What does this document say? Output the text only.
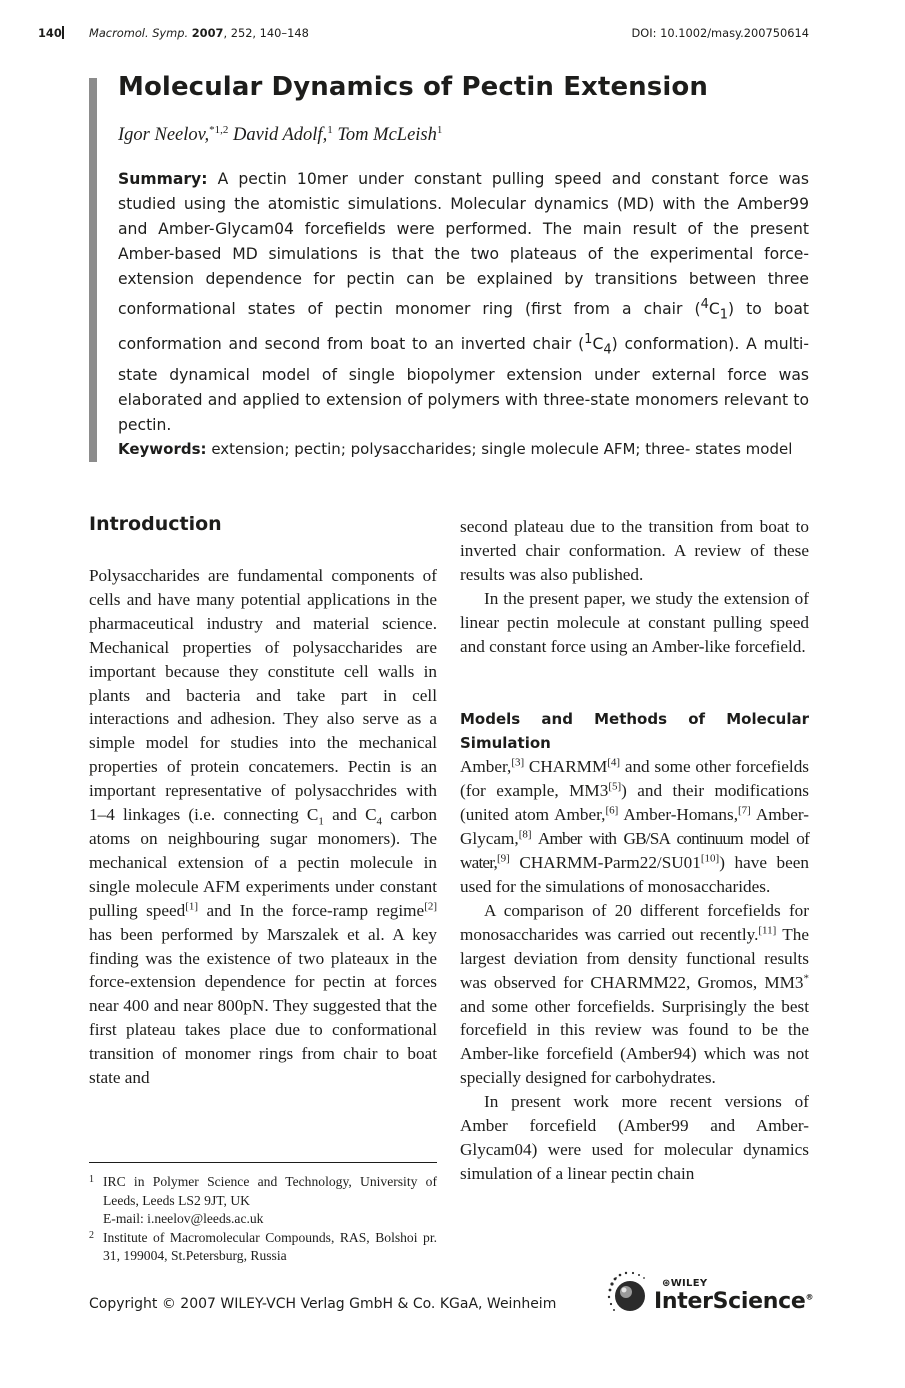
140 Macromol. Symp. 2007, 252, 140–148	DOI: 10.1002/masy.200750614
Molecular Dynamics of Pectin Extension
Igor Neelov,$^{*1,2}$ David Adolf,$^1$ Tom McLeish$^1$

Summary: A pectin 10mer under constant pulling speed and constant force was studied using the atomistic simulations. Molecular dynamics (MD) with the Amber99 and Amber-Glycam04 forcefields were performed. The main result of the present Amber-based MD simulations is that the two plateaus of the experimental force-extension dependence for pectin can be explained by transitions between three conformational states of pectin monomer ring (first from a chair $(^4C_1)$ to boat conformation and second from boat to an inverted chair $(^1C_4)$ conformation). A multi-state dynamical model of single biopolymer extension under external force was elaborated and applied to extension of polymers with three-state monomers relevant to pectin.

Keywords: extension; pectin; polysaccharides; single molecule AFM; three- states model
Introduction

Polysaccharides are fundamental components of cells and have many potential applications in the pharmaceutical industry and material science. Mechanical properties of polysaccharides are important because they constitute cell walls in plants and bacteria and take part in cell interactions and adhesion. They also serve as a simple model for studies into the mechanical properties of protein concatemers. Pectin is an important representative of polysacchrides with 1–4 linkages (i.e. connecting $C_1$ and $C_4$ carbon atoms on neighbouring sugar monomers). The mechanical extension of a pectin molecule in single molecule AFM experiments under constant pulling speed[1] and In the force-ramp regime[2] has been performed by Marszalek et al. A key finding was the existence of two plateaux in the force-extension dependence for pectin at forces near 400 and near 800pN. They suggested that the first plateau takes place due to conformational transition of monomer rings from chair to boat state and

1 IRC in Polymer Science and Technology, University of Leeds, Leeds LS2 9JT, UK
E-mail: i.neelov@leeds.ac.uk

2 Institute of Macromolecular Compounds, RAS, Bolshoi pr. 31, 199004, St.Petersburg, Russia

second plateau due to the transition from boat to inverted chair conformation. A review of these results was also published.

In the present paper, we study the extension of linear pectin molecule at constant pulling speed and constant force using an Amber-like forcefield.

Models and Methods of Molecular Simulation

Amber,[3] CHARMM[4] and some other forcefields (for example, MM3[5]) and their modifications (united atom Amber,[6] Amber-Homans,[7] Amber-Glycam,[8] Amber with GB/SA continuum model of water,[9] CHARMM-Parm22/SU01[10]) have been used for the simulations of monosaccharides.

A comparison of 20 different forcefields for monosaccharides was carried out recently.[11] The largest deviation from density functional results was observed for CHARMM22, Gromos, MM3* and some other forcefields. Surprisingly the best forcefield in this review was found to be the Amber-like forcefield (Amber94) which was not specially designed for carbohydrates.

In present work more recent versions of Amber forcefield (Amber99 and Amber-Glycam04) were used for molecular dynamics simulation of a linear pectin chain

Copyright © 2007 WILEY-VCH Verlag GmbH & Co. KGaA, Weinheim
⊛WILEY
InterScience®
